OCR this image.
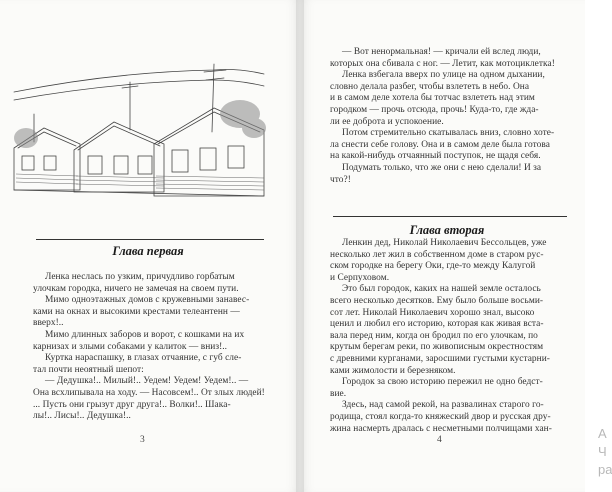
А
Ч
ра
Глава первая
Ленка неслась по узким, причудливо горбатым
улочкам городка, ничего не замечая на своем пути.
Мимо одноэтажных домов с кружевными занавес-
ками на окнах и высокими крестами телеантенн —
вверх!..
Мимо длинных заборов и ворот, с кошками на их
карнизах и злыми собаками у калиток — вниз!..
Куртка нараспашку, в глазах отчаяние, с губ сле-
тал почти неоятный шепот:
— Дедушка!.. Милый!.. Уедем! Уедем! Уедем!.. —
Она всхлипывала на ходу. — Насовсем!.. От злых людей!
... Пусть они грызут друг друга!.. Волки!.. Шака-
лы!.. Лисы!.. Дедушка!..
— Вот ненормальная! — кричали ей вслед люди,
которых она сбивала с ног. — Летит, как мотоциклетка!
Ленка взбегала вверх по улице на одном дыхании,
словно делала разбег, чтобы взлететь в небо. Она
и в самом деле хотела бы тотчас взлететь над этим
городком — прочь отсюда, прочь! Куда-то, где жда-
ли ее доброта и успокоение.
Потом стремительно скатывалась вниз, словно хоте-
ла снести себе голову. Она и в самом деле была готова
на какой-нибудь отчаянный поступок, не щадя себя.
Подумать только, что же они с нею сделали! И за
что?!
Глава вторая
Ленкин дед, Николай Николаевич Бессольцев, уже
несколько лет жил в собственном доме в старом рус-
ском городке на берегу Оки, где-то между Калугой
и Серпуховом.
Это был городок, каких на нашей земле осталось
всего несколько десятков. Ему было больше восьми-
сот лет. Николай Николаевич хорошо знал, высоко
ценил и любил его историю, которая как живая вста-
вала перед ним, когда он бродил по его улочкам, по
крутым берегам реки, по живописным окрестностям
с древними курганами, заросшими густыми кустарни-
ками жимолости и березняком.
Городок за свою историю пережил не одно бедст-
вие.
Здесь, над самой рекой, на развалинах старого го-
родища, стоял когда-то княжеский двор и русская дру-
жина насмерть дралась с несметными полчищами хан-
3	4
